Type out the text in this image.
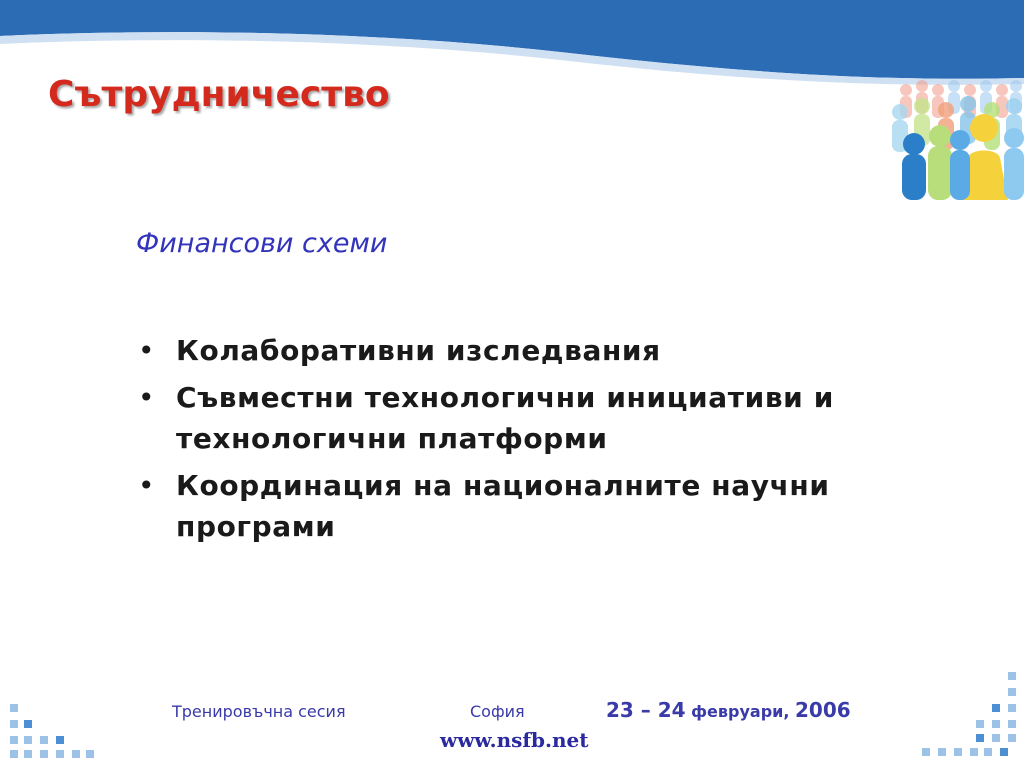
Сътрудничество
Финансови схеми
• Колаборативни изследвания
• Съвместни технологични инициативи и технологични платформи
• Координация на националните научни програми
Тренировъчна сесия	София	23 – 24 февруари, 2006
www.nsfb.net
